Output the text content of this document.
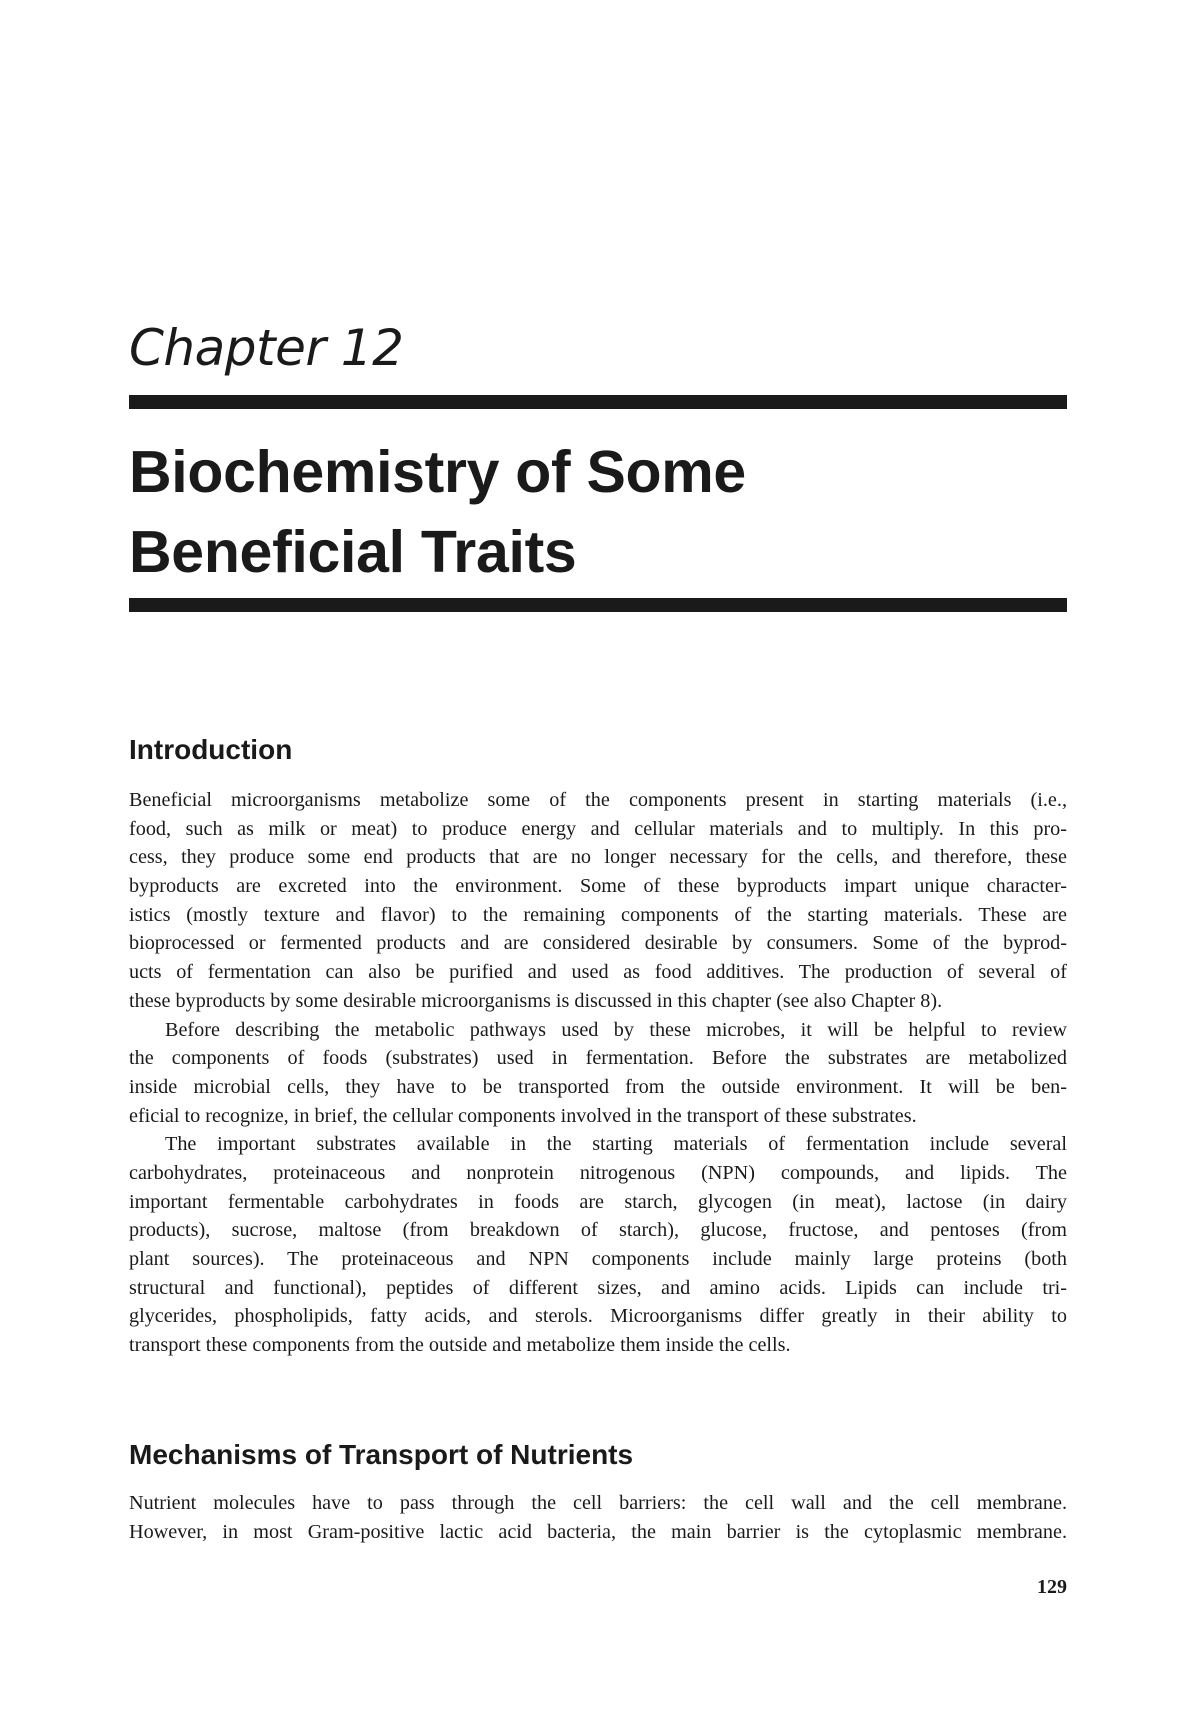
Chapter 12
Biochemistry of Some
Beneficial Traits
Introduction
Beneficial microorganisms metabolize some of the components present in starting materials (i.e.,
food, such as milk or meat) to produce energy and cellular materials and to multiply. In this pro-
cess, they produce some end products that are no longer necessary for the cells, and therefore, these
byproducts are excreted into the environment. Some of these byproducts impart unique character-
istics (mostly texture and flavor) to the remaining components of the starting materials. These are
bioprocessed or fermented products and are considered desirable by consumers. Some of the byprod-
ucts of fermentation can also be purified and used as food additives. The production of several of
these byproducts by some desirable microorganisms is discussed in this chapter (see also Chapter 8).
Before describing the metabolic pathways used by these microbes, it will be helpful to review
the components of foods (substrates) used in fermentation. Before the substrates are metabolized
inside microbial cells, they have to be transported from the outside environment. It will be ben-
eficial to recognize, in brief, the cellular components involved in the transport of these substrates.
The important substrates available in the starting materials of fermentation include several
carbohydrates, proteinaceous and nonprotein nitrogenous (NPN) compounds, and lipids. The
important fermentable carbohydrates in foods are starch, glycogen (in meat), lactose (in dairy
products), sucrose, maltose (from breakdown of starch), glucose, fructose, and pentoses (from
plant sources). The proteinaceous and NPN components include mainly large proteins (both
structural and functional), peptides of different sizes, and amino acids. Lipids can include tri-
glycerides, phospholipids, fatty acids, and sterols. Microorganisms differ greatly in their ability to
transport these components from the outside and metabolize them inside the cells.
Mechanisms of Transport of Nutrients
Nutrient molecules have to pass through the cell barriers: the cell wall and the cell membrane.
However, in most Gram-positive lactic acid bacteria, the main barrier is the cytoplasmic membrane.
129
